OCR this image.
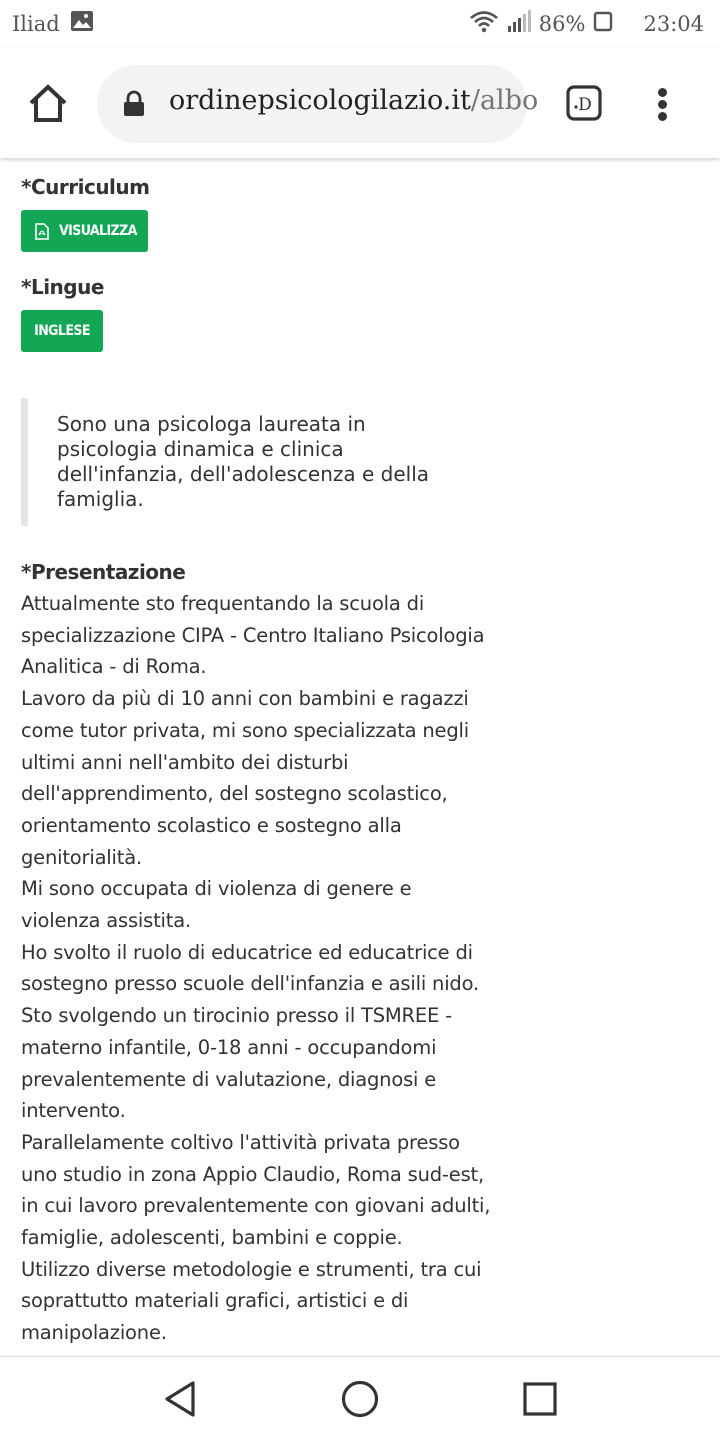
Iliad	86%	23:04
ordinepsicologilazio.it/albo D
*Curriculum
VISUALIZZA
*Lingue
INGLESE

Sono una psicologa laureata in psicologia dinamica e clinica dell'infanzia, dell'adolescenza e della famiglia.

*Presentazione
Attualmente sto frequentando la scuola di specializzazione CIPA - Centro Italiano Psicologia Analitica - di Roma.
Lavoro da più di 10 anni con bambini e ragazzi come tutor privata, mi sono specializzata negli ultimi anni nell'ambito dei disturbi dell'apprendimento, del sostegno scolastico, orientamento scolastico e sostegno alla genitorialità.
Mi sono occupata di violenza di genere e violenza assistita.
Ho svolto il ruolo di educatrice ed educatrice di sostegno presso scuole dell'infanzia e asili nido.
Sto svolgendo un tirocinio presso il TSMREE - materno infantile, 0-18 anni - occupandomi prevalentemente di valutazione, diagnosi e intervento.
Parallelamente coltivo l'attività privata presso uno studio in zona Appio Claudio, Roma sud-est, in cui lavoro prevalentemente con giovani adulti, famiglie, adolescenti, bambini e coppie.
Utilizzo diverse metodologie e strumenti, tra cui soprattutto materiali grafici, artistici e di manipolazione.
